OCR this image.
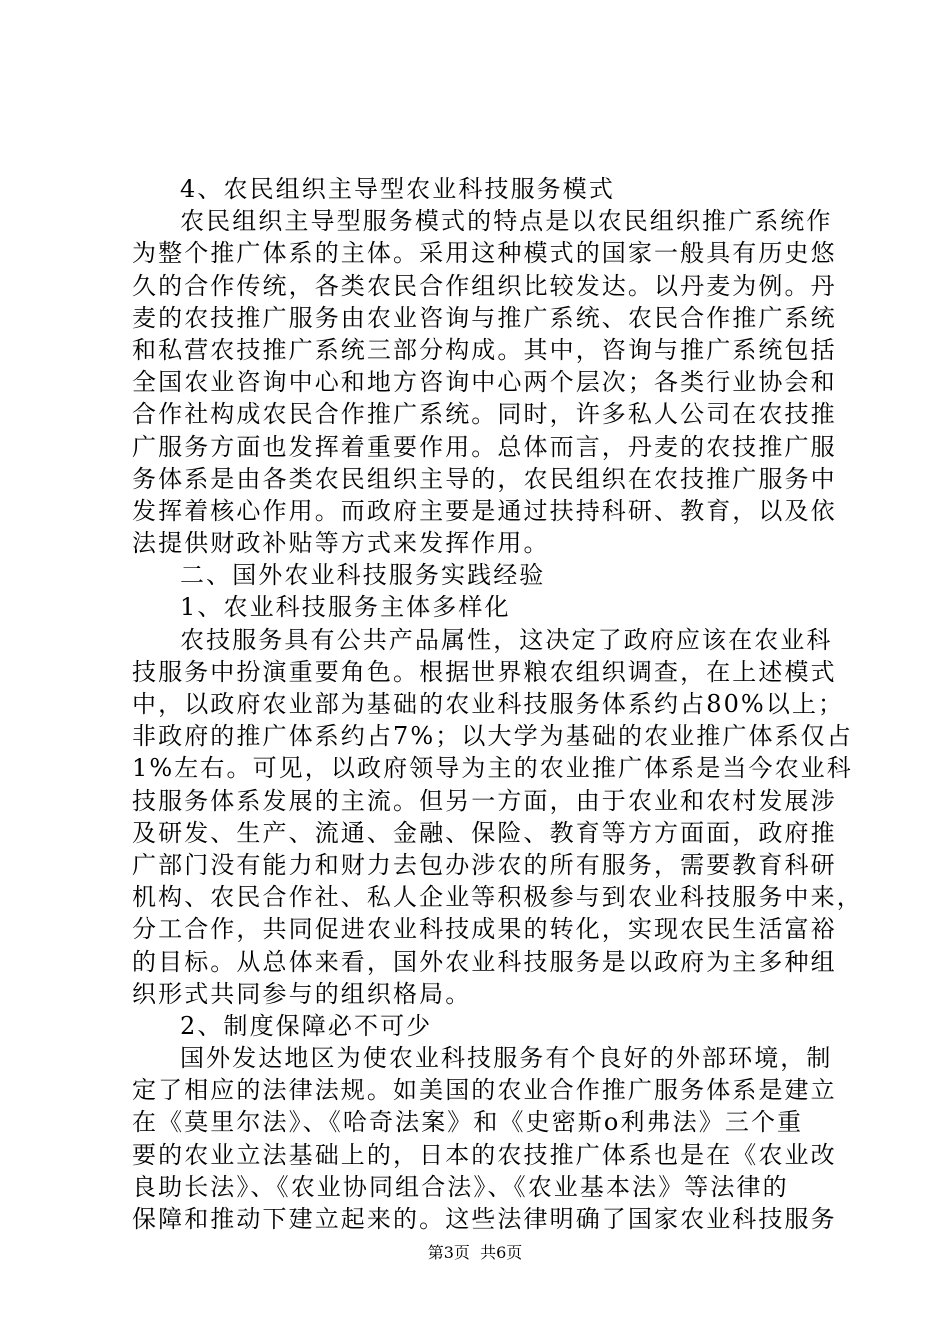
4、农民组织主导型农业科技服务模式
农民组织主导型服务模式的特点是以农民组织推广系统作
为整个推广体系的主体。采用这种模式的国家一般具有历史悠
久的合作传统，各类农民合作组织比较发达。以丹麦为例。丹
麦的农技推广服务由农业咨询与推广系统、农民合作推广系统
和私营农技推广系统三部分构成。其中，咨询与推广系统包括
全国农业咨询中心和地方咨询中心两个层次；各类行业协会和
合作社构成农民合作推广系统。同时，许多私人公司在农技推
广服务方面也发挥着重要作用。总体而言，丹麦的农技推广服
务体系是由各类农民组织主导的，农民组织在农技推广服务中
发挥着核心作用。而政府主要是通过扶持科研、教育，以及依
法提供财政补贴等方式来发挥作用。
二、国外农业科技服务实践经验
1、农业科技服务主体多样化
农技服务具有公共产品属性，这决定了政府应该在农业科
技服务中扮演重要角色。根据世界粮农组织调查，在上述模式
中，以政府农业部为基础的农业科技服务体系约占80%以上；
非政府的推广体系约占7%；以大学为基础的农业推广体系仅占
1%左右。可见，以政府领导为主的农业推广体系是当今农业科
技服务体系发展的主流。但另一方面，由于农业和农村发展涉
及研发、生产、流通、金融、保险、教育等方方面面，政府推
广部门没有能力和财力去包办涉农的所有服务，需要教育科研
机构、农民合作社、私人企业等积极参与到农业科技服务中来，
分工合作，共同促进农业科技成果的转化，实现农民生活富裕
的目标。从总体来看，国外农业科技服务是以政府为主多种组
织形式共同参与的组织格局。
2、制度保障必不可少
国外发达地区为使农业科技服务有个良好的外部环境，制
定了相应的法律法规。如美国的农业合作推广服务体系是建立
在《莫里尔法》、《哈奇法案》和《史密斯ο利弗法》三个重
要的农业立法基础上的，日本的农技推广体系也是在《农业改
良助长法》、《农业协同组合法》、《农业基本法》等法律的
保障和推动下建立起来的。这些法律明确了国家农业科技服务
第3页  共6页
